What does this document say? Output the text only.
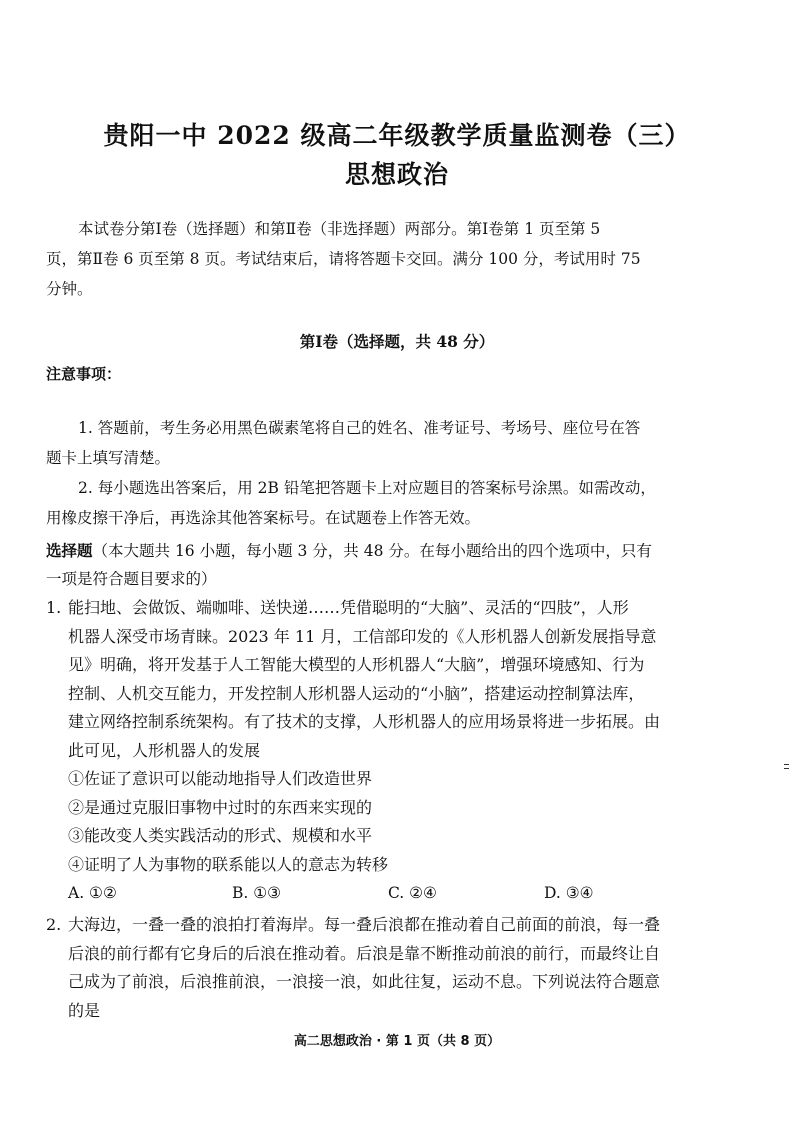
贵阳一中 2022 级高二年级教学质量监测卷（三）
思想政治

本试卷分第Ⅰ卷（选择题）和第Ⅱ卷（非选择题）两部分。第Ⅰ卷第 1 页至第 5

页，第Ⅱ卷 6 页至第 8 页。考试结束后，请将答题卡交回。满分 100 分，考试用时 75

分钟。

第Ⅰ卷（选择题，共 48 分）
注意事项：

1. 答题前，考生务必用黑色碳素笔将自己的姓名、准考证号、考场号、座位号在答

题卡上填写清楚。

2. 每小题选出答案后，用 2B 铅笔把答题卡上对应题目的答案标号涂黑。如需改动，

用橡皮擦干净后，再选涂其他答案标号。在试题卷上作答无效。

选择题（本大题共 16 小题，每小题 3 分，共 48 分。在每小题给出的四个选项中，只有
一项是符合题目要求的）
1. 能扫地、会做饭、端咖啡、送快递……凭借聪明的“大脑”、灵活的“四肢”，人形
机器人深受市场青睐。2023 年 11 月，工信部印发的《人形机器人创新发展指导意
见》明确，将开发基于人工智能大模型的人形机器人“大脑”，增强环境感知、行为
控制、人机交互能力，开发控制人形机器人运动的“小脑”，搭建运动控制算法库，
建立网络控制系统架构。有了技术的支撑，人形机器人的应用场景将进一步拓展。由
此可见，人形机器人的发展
①佐证了意识可以能动地指导人们改造世界
②是通过克服旧事物中过时的东西来实现的
③能改变人类实践活动的形式、规模和水平
④证明了人为事物的联系能以人的意志为转移
A. ①②	B. ①③	C. ②④	D. ③④
2. 大海边，一叠一叠的浪拍打着海岸。每一叠后浪都在推动着自己前面的前浪，每一叠
后浪的前行都有它身后的后浪在推动着。后浪是靠不断推动前浪的前行，而最终让自
己成为了前浪，后浪推前浪，一浪接一浪，如此往复，运动不息。下列说法符合题意
的是
高二思想政治 · 第 1 页（共 8 页）
